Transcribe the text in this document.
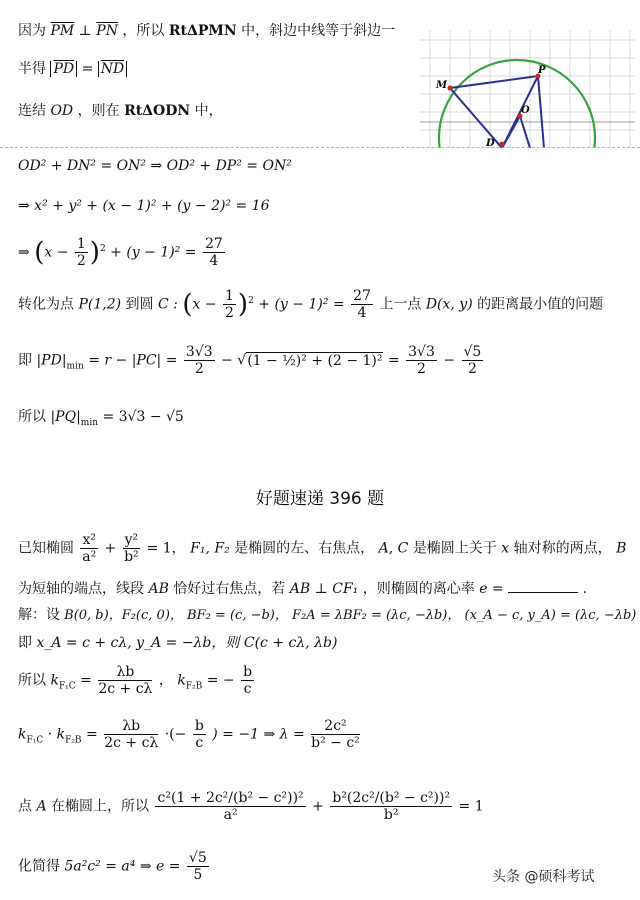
因为 $\overline{PM}$ ⊥ $\overline{PN}$ ，所以 RtΔPMN 中，斜边中线等于斜边一
半得 $\overline{PD} = \overline{ND}$
连结 OD ，则在 RtΔODN 中，
M
P
O
D
OD² + DN² = ON² ⇒ OD² + DP² = ON²
⇒ x² + y² + (x − 1)² + (y − 2)² = 16
⇒ $(x - \frac{1}{2} )^2 + (y - 1)^2 = \frac{27}{4}$
转化为点 P(1,2) 到圆 C : $(x - \frac{1}{2} )^2 + (y - 1)^2 = \frac{27}{4}$ 上一点 D(x, y) 的距离最小值的问题
即 $|PD|_{min} = r - |PC| = \frac{3√3}{2} - √(1$ − ½)² + $(2 - 1)^2 = \frac{3√3}{2} - \frac{√5}{2}$
所以 $|PQ|_{min} = 3√3 - √5$
好题速递 396 题
已知椭圆 $\frac{\text{x²}}{\text{a²}} + \frac{\text{y²}}{\text{b²}} = 1$， F₁, F₂ 是椭圆的左、右焦点， A, C 是椭圆上关于 x 轴对称的两点， B
为短轴的端点，线段 AB 恰好过右焦点，若 AB ⊥ CF₁ ，则椭圆的离心率 e =	．
解：设 B(0, b)，F₂(c, 0)， BF₂ = (c, −b)， F₂A = λBF₂ = (λc, −λb)， (x_A − c, y_A) = (λc, −λb)
即 x_A = c + cλ, y_A = −λb，则 C(c + cλ, λb)
所以 $k_{F_1C} = \frac{\lambda b}{2c + c\lambda}$ ， $k_{F_2B}$ = − $\frac{b}{c}$
$k_{F_1C} \cdot k_{F_2B} = \frac{\lambda b}{2c + c\lambda}$ ·(− $\frac{b}{c}$ ) = −1 ⇒ $\lambda = \frac{\text{2c²}}{\text{b² − c²}}$
点 A 在椭圆上，所以 $\frac{\text{c²(1 + 2c²/(b² − c²))²}}{\text{a²}} + \frac{\text{b²(2c²/(b² − c²))²}}{\text{b²}} = 1$
化简得 5a²c² = a⁴ ⇒ $e = \frac{√5}{5}$	头条 @硕科考试
